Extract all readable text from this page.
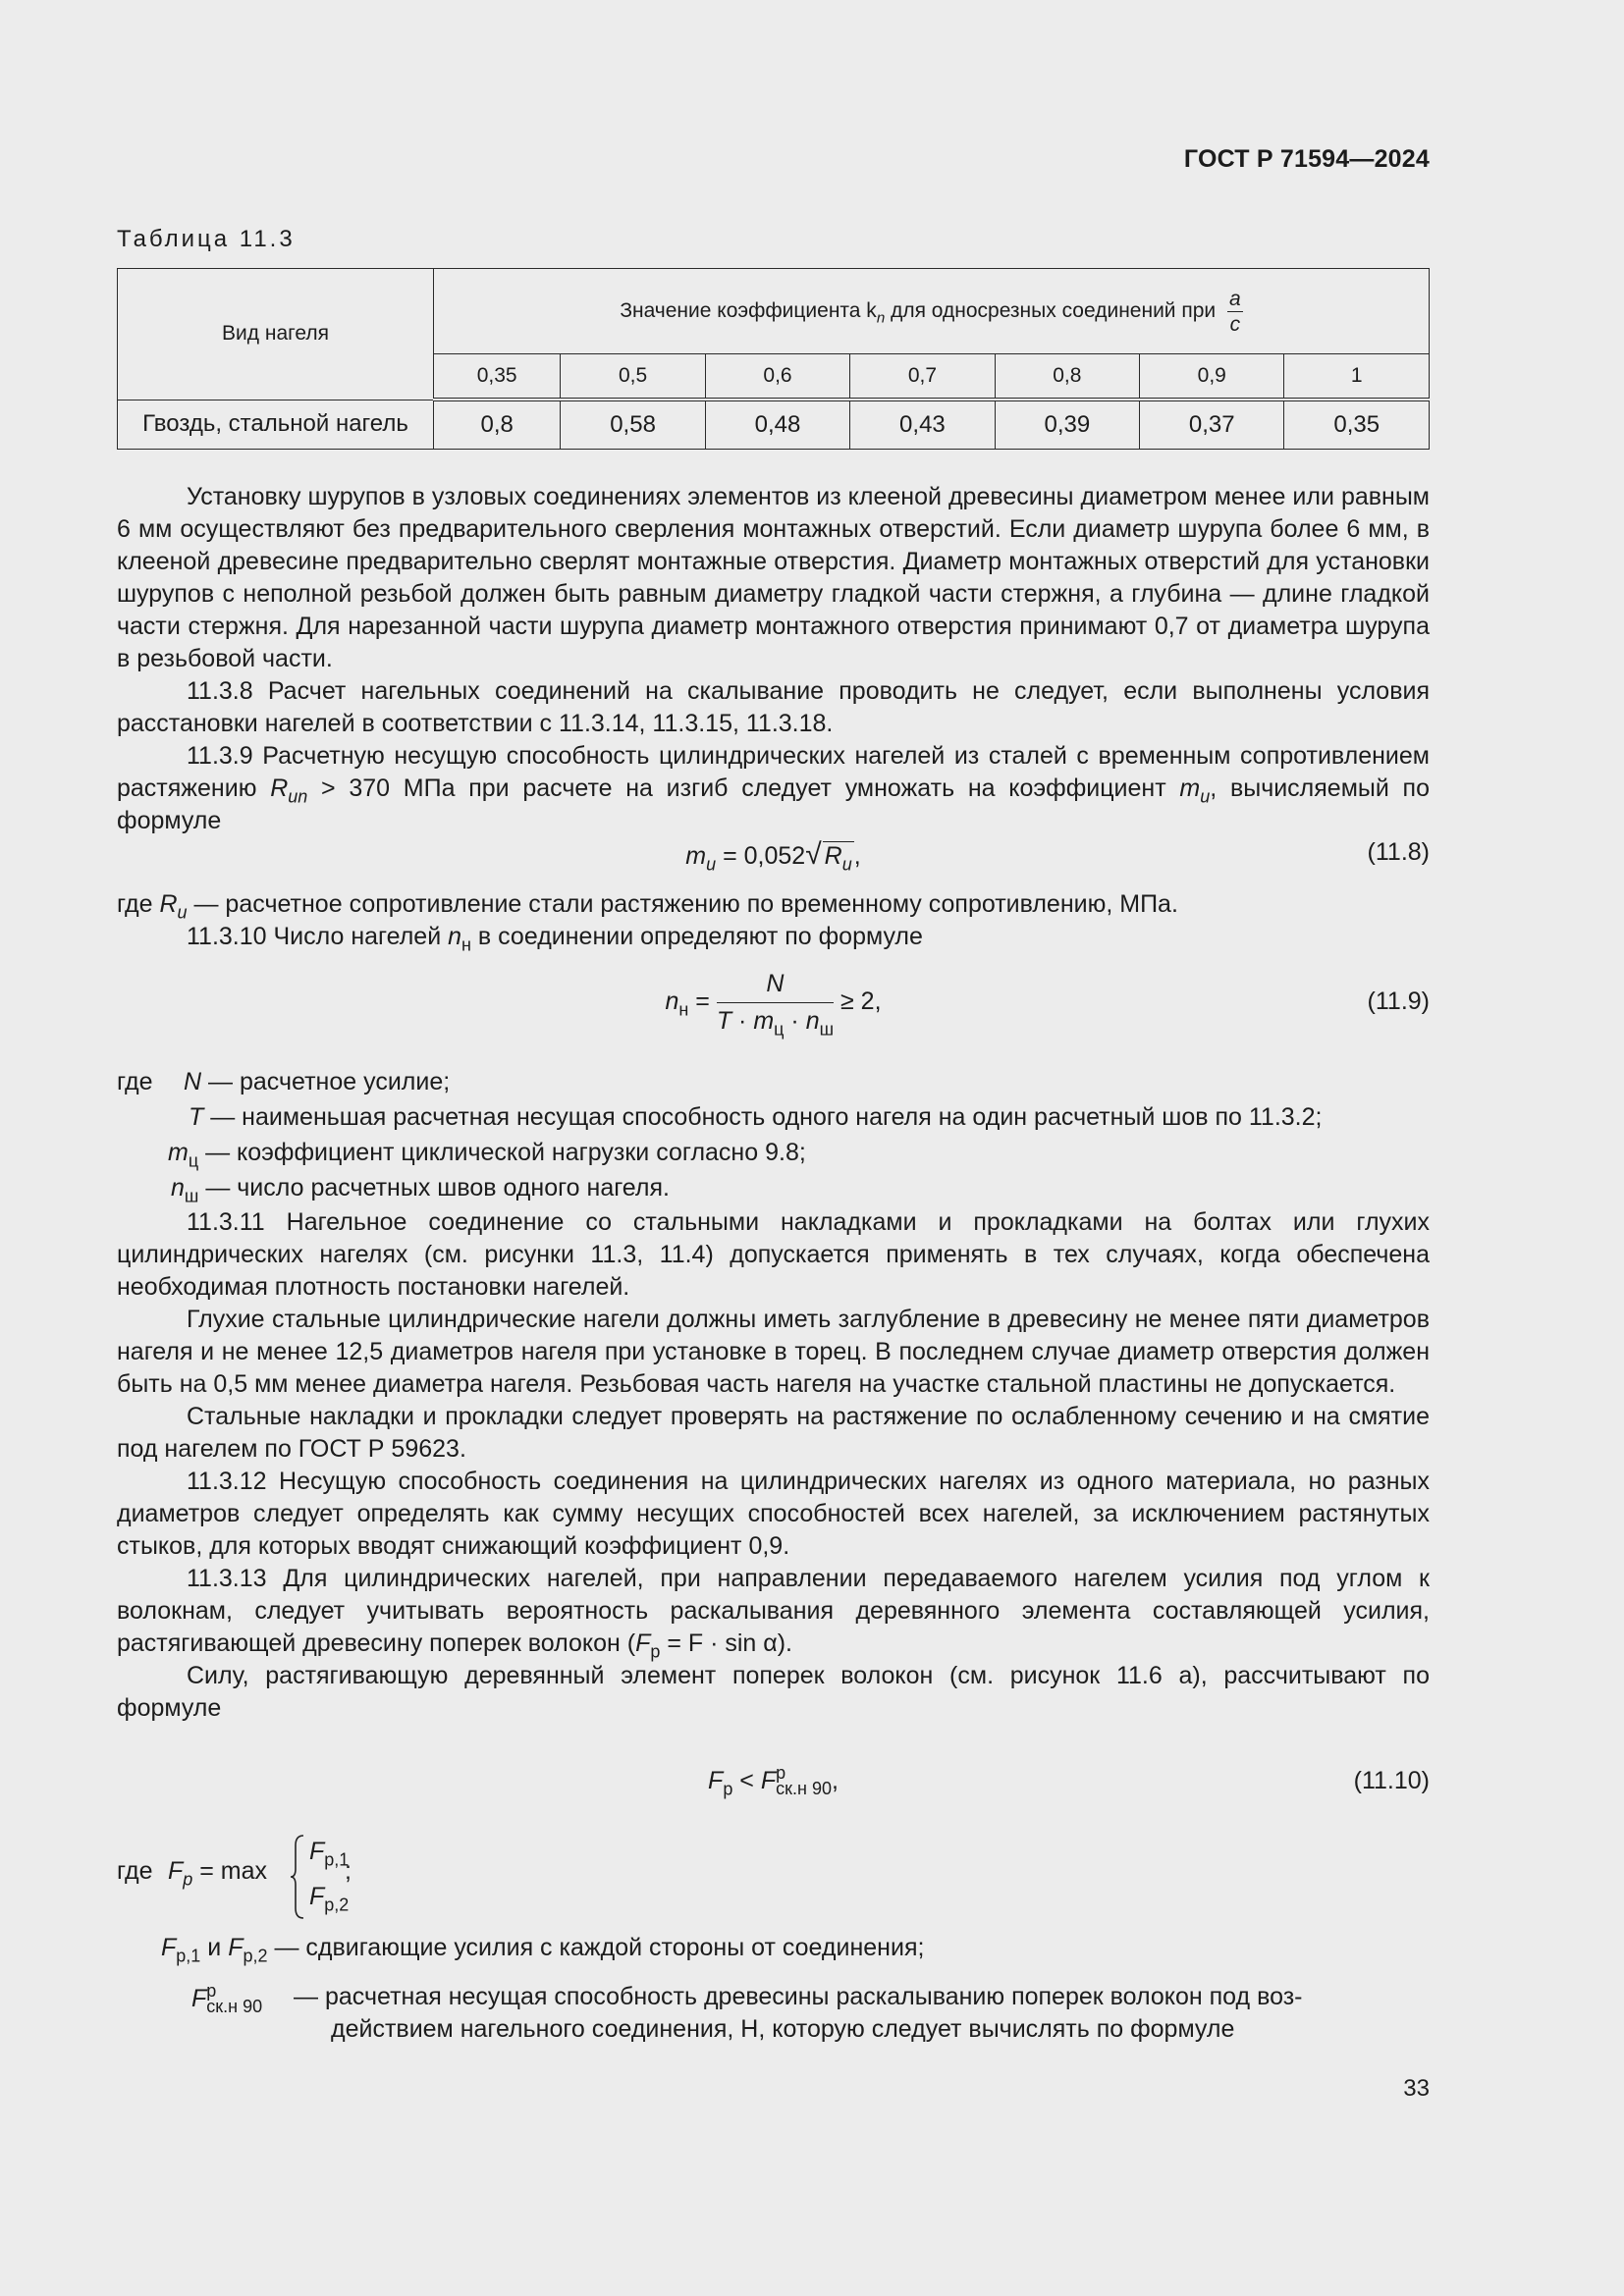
ГОСТ Р 71594—2024
Таблица 11.3
Вид нагеля	Значение коэффициента $k_n$ для односрезных соединений при $\frac{a}{c}$

	0,35	0,5	0,6	0,7	0,8	0,9	1
Гвоздь, стальной нагель	0,8	0,58	0,48	0,43	0,39	0,37	0,35

Установку шурупов в узловых соединениях элементов из клееной древесины диаметром менее или равным 6 мм осуществляют без предварительного сверления монтажных отверстий. Если диаметр шурупа более 6 мм, в клееной древесине предварительно сверлят монтажные отверстия. Диаметр монтажных отверстий для установки шурупов с неполной резьбой должен быть равным диаметру гладкой части стержня, а глубина — длине гладкой части стержня. Для нарезанной части шурупа диаметр монтажного отверстия принимают 0,7 от диаметра шурупа в резьбовой части.

11.3.8 Расчет нагельных соединений на скалывание проводить не следует, если выполнены условия расстановки нагелей в соответствии с 11.3.14, 11.3.15, 11.3.18.

11.3.9 Расчетную несущую способность цилиндрических нагелей из сталей с временным сопротивлением растяжению $R_{un} > 370$ МПа при расчете на изгиб следует умножать на коэффициент $m_и$, вычисляемый по формуле

$m_и = 0,052√$ $R_u$,	(11.8)

где $R_u$ — расчетное сопротивление стали растяжению по временному сопротивлению, МПа.

11.3.10 Число нагелей $n_н$ в соединении определяют по формуле

$n_н = \frac{N}{T \cdot m_ц \cdot n_ш} \ge 2$,	(11.9)
где N — расчетное усилие;
T — наименьшая расчетная несущая способность одного нагеля на один расчетный шов по 11.3.2;
$m_ц$ — коэффициент циклической нагрузки согласно 9.8;
$n_ш$ — число расчетных швов одного нагеля.

11.3.11 Нагельное соединение со стальными накладками и прокладками на болтах или глухих цилиндрических нагелях (см. рисунки 11.3, 11.4) допускается применять в тех случаях, когда обеспечена необходимая плотность постановки нагелей.

Глухие стальные цилиндрические нагели должны иметь заглубление в древесину не менее пяти диаметров нагеля и не менее 12,5 диаметров нагеля при установке в торец. В последнем случае диаметр отверстия должен быть на 0,5 мм менее диаметра нагеля. Резьбовая часть нагеля на участке стальной пластины не допускается.

Стальные накладки и прокладки следует проверять на растяжение по ослабленному сечению и на смятие под нагелем по ГОСТ Р 59623.

11.3.12 Несущую способность соединения на цилиндрических нагелях из одного материала, но разных диаметров следует определять как сумму несущих способностей всех нагелей, за исключением растянутых стыков, для которых вводят снижающий коэффициент 0,9.

11.3.13 Для цилиндрических нагелей, при направлении передаваемого нагелем усилия под углом к волокнам, следует учитывать вероятность раскалывания деревянного элемента составляющей усилия, растягивающей древесину поперек волокон $(F_р = F \cdot \sin \alpha)$.

Силу, растягивающую деревянный элемент поперек волокон (см. рисунок 11.6 а), рассчитывают по формуле

$F_р < F^p_{ск.н 90}$,	(11.10)
где $F_p = \max$
$F_{р,1}$
$F_{р,2}$
;
$F_{р,1}$ и $F_{р,2}$ — сдвигающие усилия с каждой стороны от соединения;
$F^p_{ск.н 90}$ — расчетная несущая способность древесины раскалыванию поперек волокон под воз-
действием нагельного соединения, Н, которую следует вычислять по формуле
33
